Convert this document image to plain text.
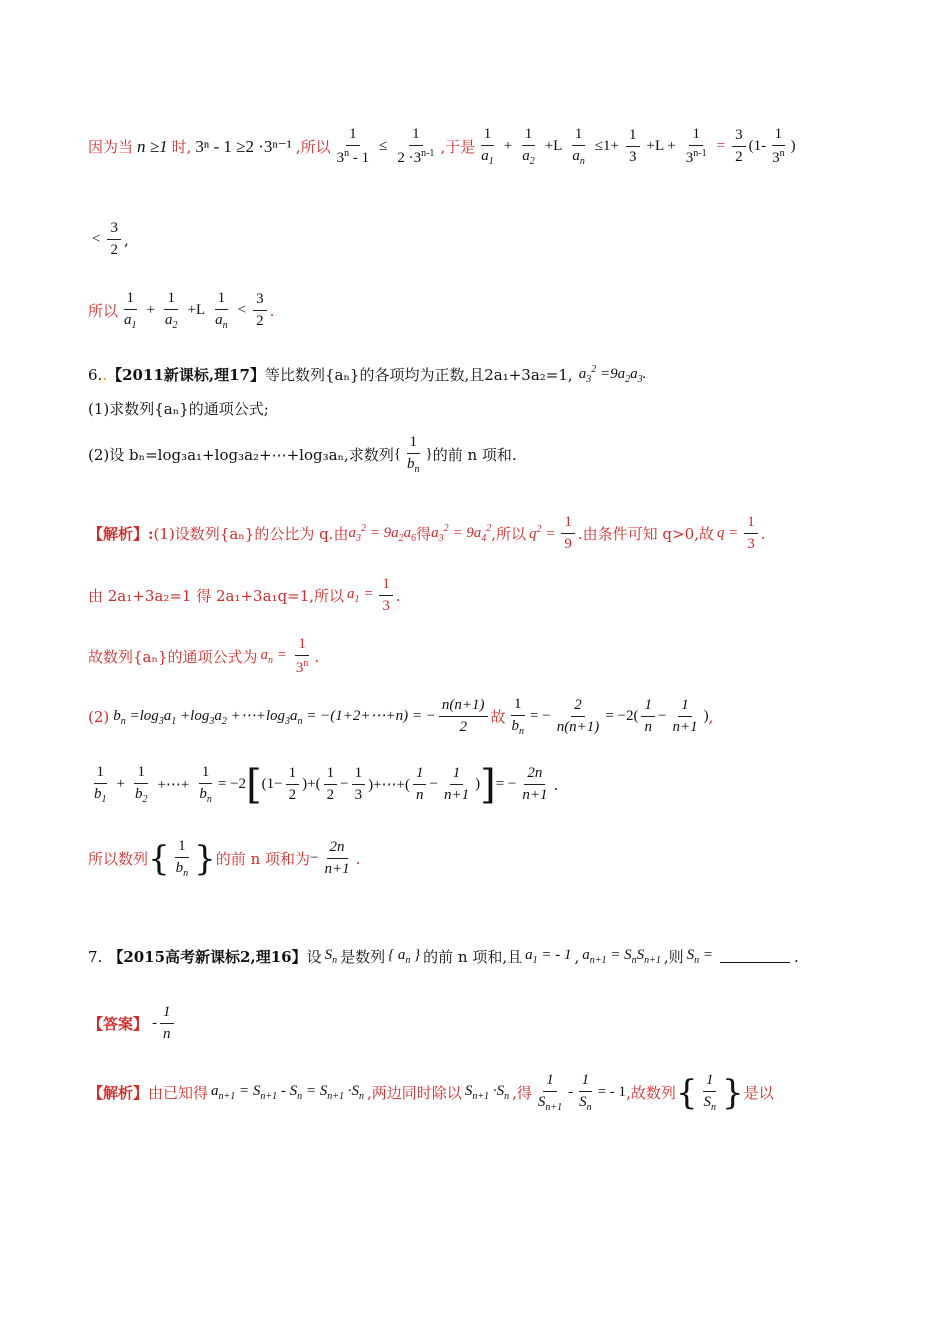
因为当 n ≥1 时, 3ⁿ - 1 ≥2 ·3ⁿ⁻¹ ,所以 $\frac{1}{3^n - 1} \le \frac{1}{2 \cdot 3^{n-1}}$ ,于是 $\frac{1}{a_1} + \frac{1}{a_2} +L \frac{1}{a_n} \le 1+ \frac{1}{3} +L + \frac{1}{3^{n-1}} = \frac{3}{2} (1- \frac{1}{3^n}$ )
< $\frac{3}{2}$ ,
所以 $\frac{1}{a_1} + \frac{1}{a_2} +L \frac{1}{a_n} < \frac{3}{2}$ .
6. . 【2011新课标,理17】 等比数列{aₙ}的各项均为正数,且2a₁+3a₂=1, $a_3^2 =9a_2a_3$.
(1)求数列{aₙ}的通项公式;
(2)设 bₙ=log₃a₁+log₃a₂+⋯+log₃aₙ,求数列 { $\frac{1}{b_n}$ } 的前 n 项和.
【解析】: (1)设数列{aₙ}的公比为 q.由 $a_3^2 = 9a_2a_6$ 得 $a_3^2 = 9a_4^2$ ,所以 $q^2 = \frac{1}{9}$ .由条件可知 q>0,故 $q = \frac{1}{3}$ .
由 2a₁+3a₂=1 得 2a₁+3a₁q=1,所以 $a_1 = \frac{1}{3}$ .
故数列{aₙ}的通项公式为 $a_n = \frac{1}{3^n}$ .
(2) $b_n =\log_3a_1 +\log_3a_2$ $+\cdots+\log_3a_n$ = −(1+2+⋯+n) = − $\frac{n(n+1)}{2}$ 故 $\frac{1}{b_n}$ = − $\frac{2}{n(n+1)} = -2( \frac{1}{n} - \frac{1}{n+1}$ ) ,
$\frac{1}{b_1} + \frac{1}{b_2}$ +⋯+ $\frac{1}{b_n} = -2$ [ ($1- \frac{1}{2}$ )+( $\frac{1}{2} - \frac{1}{3}$ )+⋯+( $\frac{1}{n} - \frac{1}{n+1}$ ) ] = − $\frac{2n}{n+1}$ .
所以数列 { $\frac{1}{b_n}$ } 的前 n 项和为 − $\frac{2n}{n+1}$ .
7. 【2015高考新课标2,理16】 设 $S_n$ 是数列 { $a_n$ } 的前 n 项和,且 $a_1$ = - 1 , $a_{n+1} = S_nS_{n+1}$ ,则 $S_n$ =	.
【答案】 - $\frac{1}{n}$
【解析】 由已知得 $a_{n+1} = S_{n+1} - S_n = S_{n+1} \cdot S_n$ ,两边同时除以 $S_{n+1} \cdot S_n$ ,得 $\frac{1}{S_{n+1}} - \frac{1}{S_n}$ = - 1 ,故数列 { $\frac{1}{S_n}$ } 是以
